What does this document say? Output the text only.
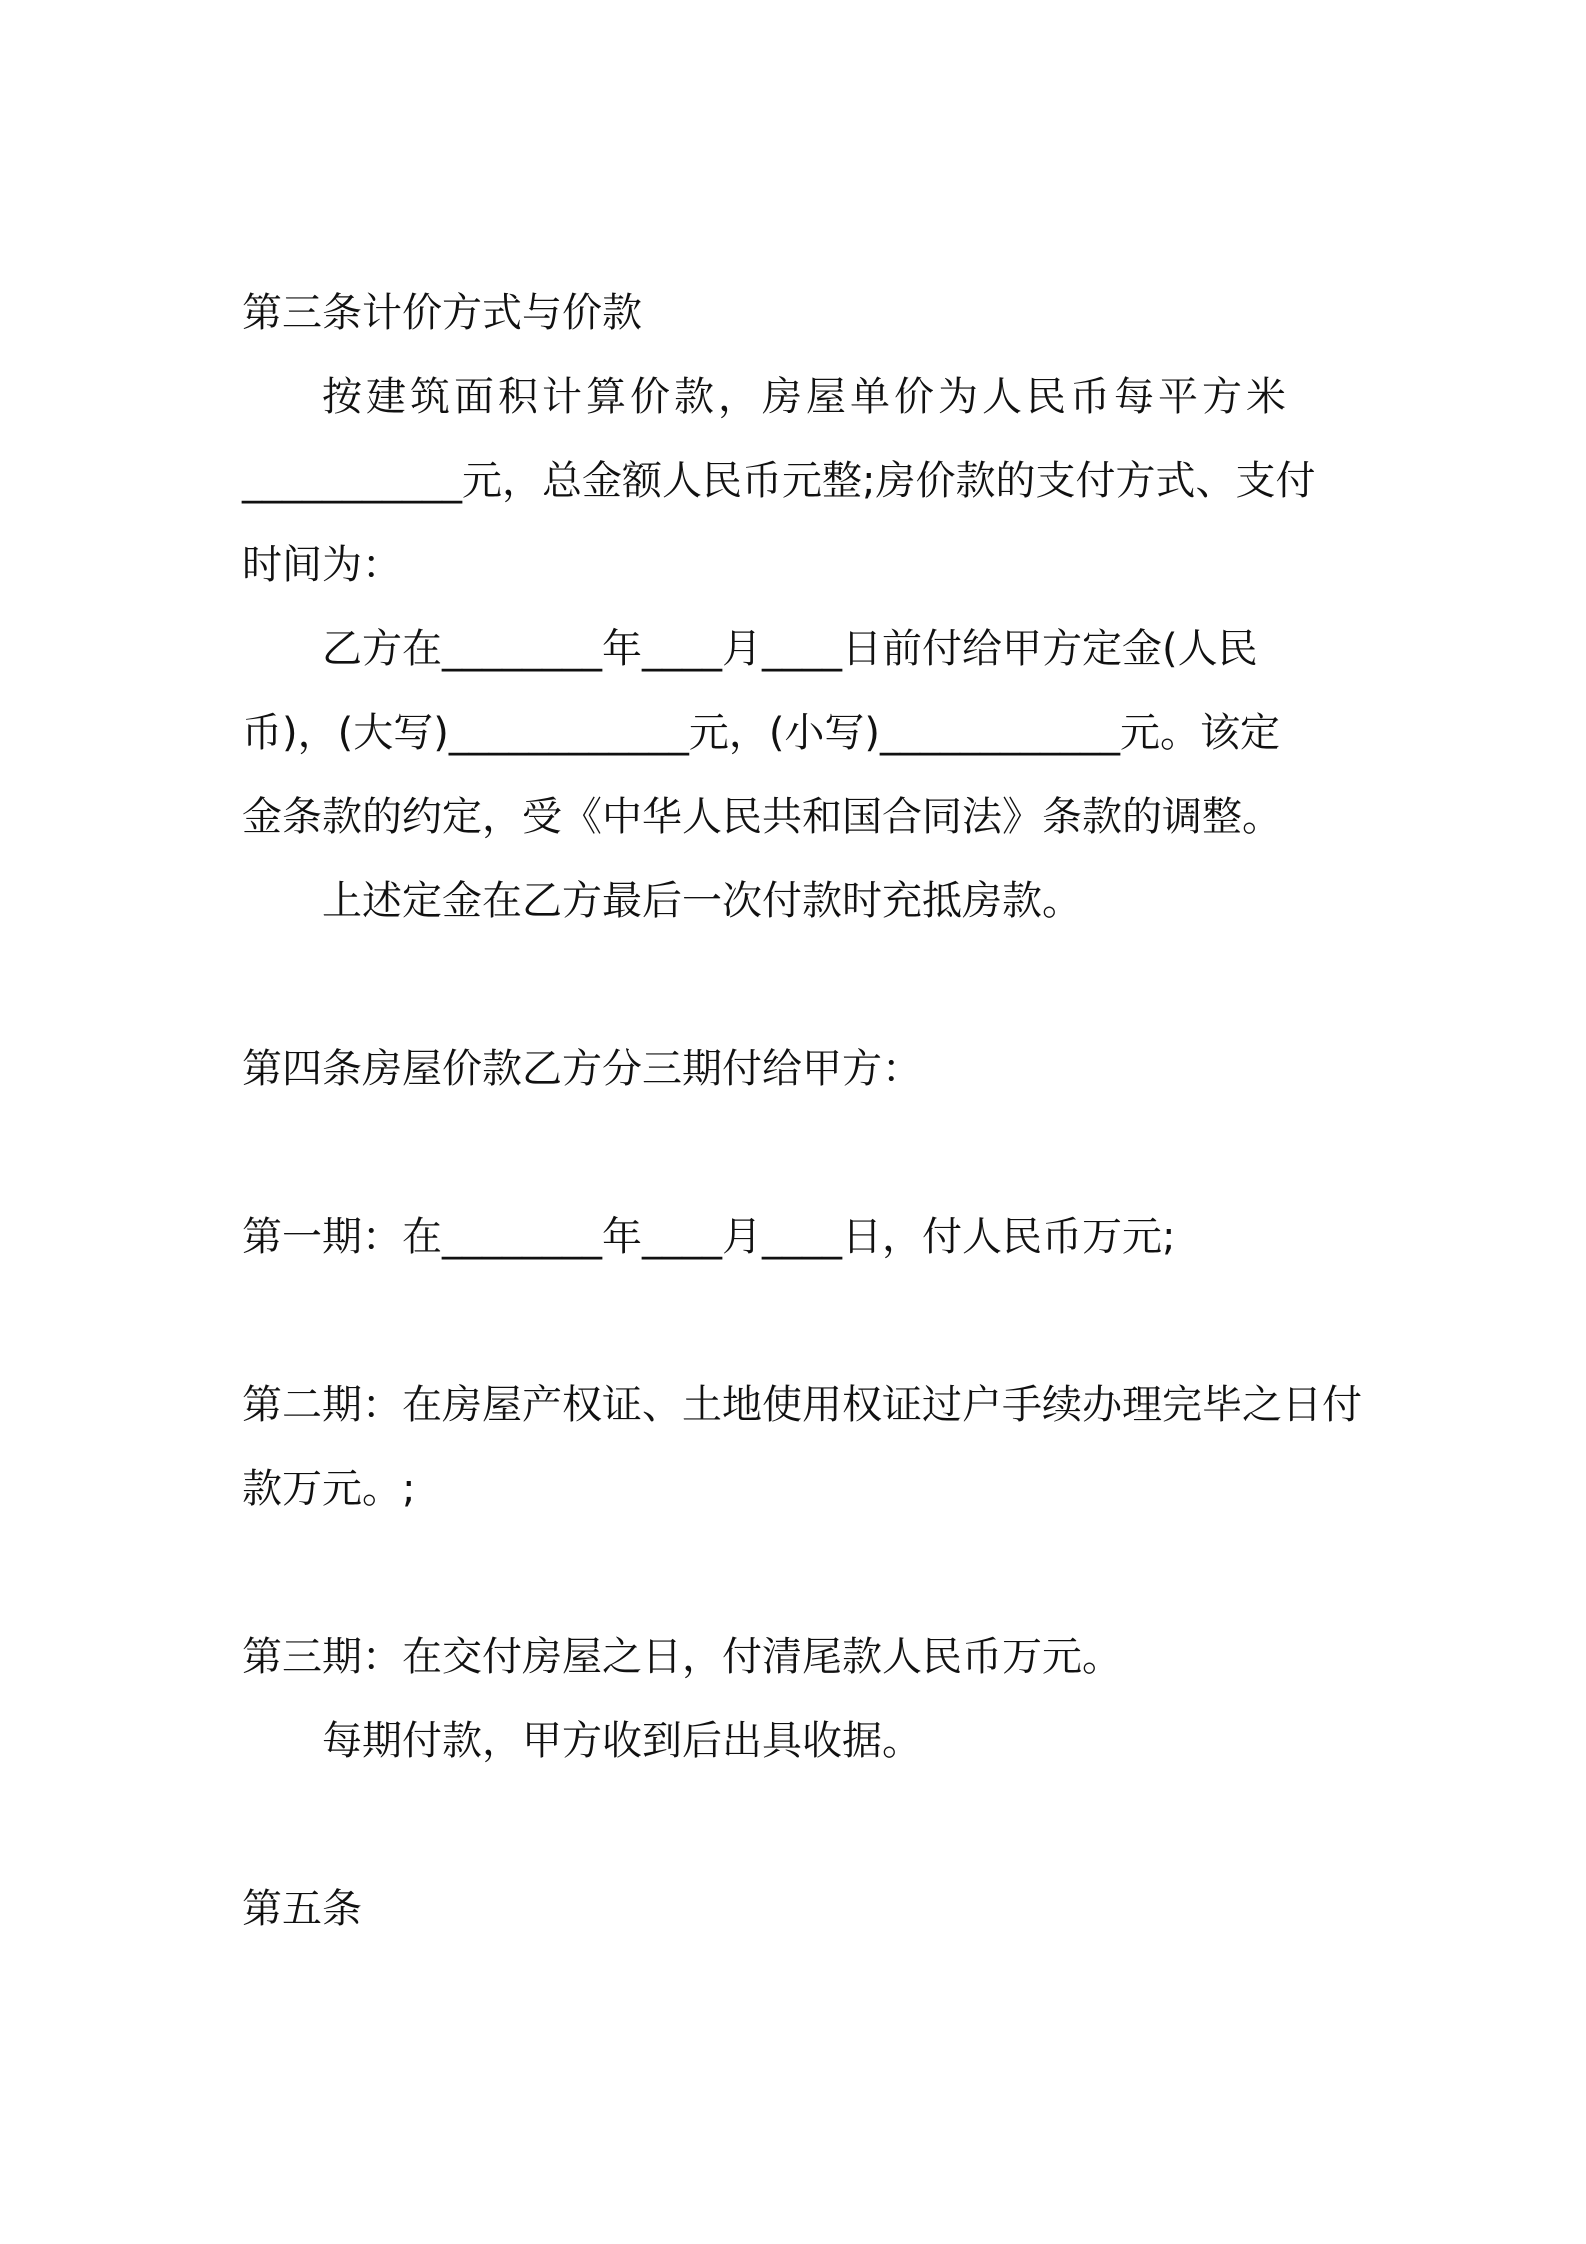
第三条计价方式与价款
按建筑面积计算价款，房屋单价为人民币每平方米
___________元，总金额人民币元整;房价款的支付方式、支付
时间为：
乙方在________年____月____日前付给甲方定金(人民
币)，(大写)____________元，(小写)____________元。该定
金条款的约定，受《中华人民共和国合同法》条款的调整。
上述定金在乙方最后一次付款时充抵房款。
第四条房屋价款乙方分三期付给甲方：
第一期：在________年____月____日，付人民币万元;
第二期：在房屋产权证、土地使用权证过户手续办理完毕之日付
款万元。;
第三期：在交付房屋之日，付清尾款人民币万元。
每期付款，甲方收到后出具收据。
第五条
